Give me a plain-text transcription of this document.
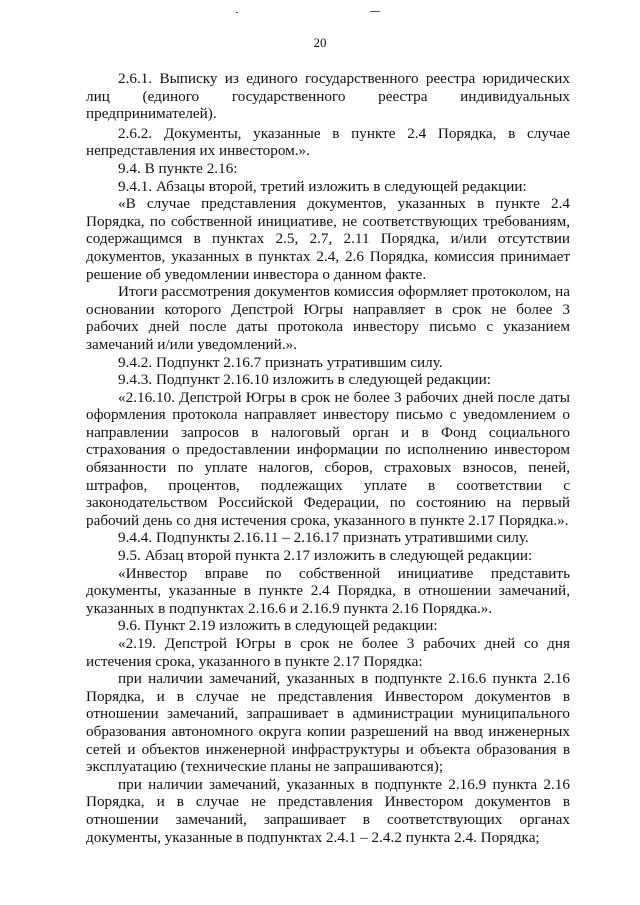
20

2.6.1. Выписку из единого государственного реестра юридических лиц (единого государственного реестра индивидуальных предпринимателей).

2.6.2. Документы, указанные в пункте 2.4 Порядка, в случае непредставления их инвестором.».

9.4. В пункте 2.16:

9.4.1. Абзацы второй, третий изложить в следующей редакции:

«В случае представления документов, указанных в пункте 2.4 Порядка, по собственной инициативе, не соответствующих требованиям, содержащимся в пунктах 2.5, 2.7, 2.11 Порядка, и/или отсутствии документов, указанных в пунктах 2.4, 2.6 Порядка, комиссия принимает решение об уведомлении инвестора о данном факте.

Итоги рассмотрения документов комиссия оформляет протоколом, на основании которого Депстрой Югры направляет в срок не более 3 рабочих дней после даты протокола инвестору письмо с указанием замечаний и/или уведомлений.».

9.4.2. Подпункт 2.16.7 признать утратившим силу.

9.4.3. Подпункт 2.16.10 изложить в следующей редакции:

«2.16.10. Депстрой Югры в срок не более 3 рабочих дней после даты оформления протокола направляет инвестору письмо с уведомлением о направлении запросов в налоговый орган и в Фонд социального страхования о предоставлении информации по исполнению инвестором обязанности по уплате налогов, сборов, страховых взносов, пеней, штрафов, процентов, подлежащих уплате в соответствии с законодательством Российской Федерации, по состоянию на первый рабочий день со дня истечения срока, указанного в пункте 2.17 Порядка.».

9.4.4. Подпункты 2.16.11 – 2.16.17 признать утратившими силу.

9.5. Абзац второй пункта 2.17 изложить в следующей редакции:

«Инвестор вправе по собственной инициативе представить документы, указанные в пункте 2.4 Порядка, в отношении замечаний, указанных в подпунктах 2.16.6 и 2.16.9 пункта 2.16 Порядка.».

9.6. Пункт 2.19 изложить в следующей редакции:

«2.19. Депстрой Югры в срок не более 3 рабочих дней со дня истечения срока, указанного в пункте 2.17 Порядка:

при наличии замечаний, указанных в подпункте 2.16.6 пункта 2.16 Порядка, и в случае не представления Инвестором документов в отношении замечаний, запрашивает в администрации муниципального образования автономного округа копии разрешений на ввод инженерных сетей и объектов инженерной инфраструктуры и объекта образования в эксплуатацию (технические планы не запрашиваются);

при наличии замечаний, указанных в подпункте 2.16.9 пункта 2.16 Порядка, и в случае не представления Инвестором документов в отношении замечаний, запрашивает в соответствующих органах документы, указанные в подпунктах 2.4.1 – 2.4.2 пункта 2.4. Порядка;
